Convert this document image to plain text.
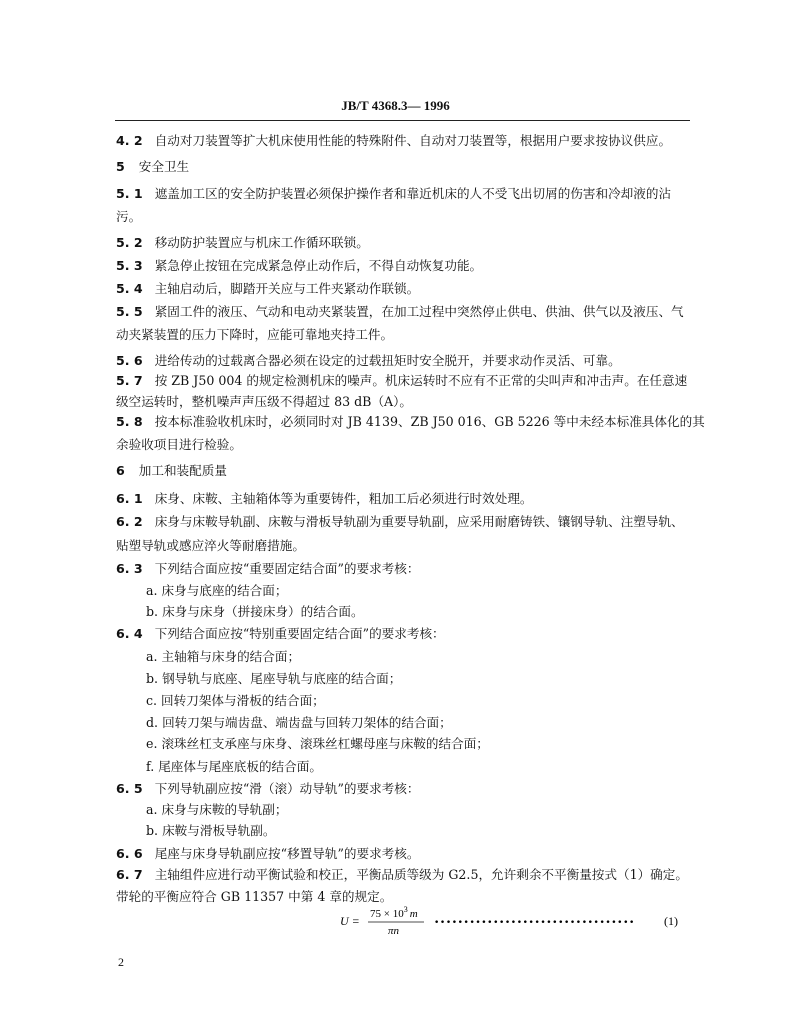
JB/T 4368.3— 1996
4. 2 自动对刀装置等扩大机床使用性能的特殊附件、自动对刀装置等，根据用户要求按协议供应。
5 安全卫生
5. 1 遮盖加工区的安全防护装置必须保护操作者和靠近机床的人不受飞出切屑的伤害和冷却液的沾
污。
5. 2 移动防护装置应与机床工作循环联锁。
5. 3 紧急停止按钮在完成紧急停止动作后，不得自动恢复功能。
5. 4 主轴启动后，脚踏开关应与工件夹紧动作联锁。
5. 5 紧固工件的液压、气动和电动夹紧装置，在加工过程中突然停止供电、供油、供气以及液压、气
动夹紧装置的压力下降时，应能可靠地夹持工件。
5. 6 进给传动的过载离合器必须在设定的过载扭矩时安全脱开，并要求动作灵活、可靠。
5. 7 按 ZB J50 004 的规定检测机床的噪声。机床运转时不应有不正常的尖叫声和冲击声。在任意速
级空运转时，整机噪声声压级不得超过 83 dB（A）。
5. 8 按本标准验收机床时，必须同时对 JB 4139、ZB J50 016、GB 5226 等中未经本标准具体化的其
余验收项目进行检验。
6 加工和装配质量
6. 1 床身、床鞍、主轴箱体等为重要铸件，粗加工后必须进行时效处理。
6. 2 床身与床鞍导轨副、床鞍与滑板导轨副为重要导轨副，应采用耐磨铸铁、镶钢导轨、注塑导轨、
贴塑导轨或感应淬火等耐磨措施。
6. 3 下列结合面应按“重要固定结合面”的要求考核：
a. 床身与底座的结合面；
b. 床身与床身（拼接床身）的结合面。
6. 4 下列结合面应按“特别重要固定结合面”的要求考核：
a. 主轴箱与床身的结合面；
b. 钢导轨与底座、尾座导轨与底座的结合面；
c. 回转刀架体与滑板的结合面；
d. 回转刀架与端齿盘、端齿盘与回转刀架体的结合面；
e. 滚珠丝杠支承座与床身、滚珠丝杠螺母座与床鞍的结合面；
f. 尾座体与尾座底板的结合面。
6. 5 下列导轨副应按“滑（滚）动导轨”的要求考核：
a. 床身与床鞍的导轨副；
b. 床鞍与滑板导轨副。
6. 6 尾座与床身导轨副应按“移置导轨”的要求考核。
6. 7 主轴组件应进行动平衡试验和校正，平衡品质等级为 G2.5，允许剩余不平衡量按式（1）确定。
带轮的平衡应符合 GB 11357 中第 4 章的规定。
$U = 75 \times 10^3$ m
πn
•••••••••••••••••••••••••••••••••• (1)
2
